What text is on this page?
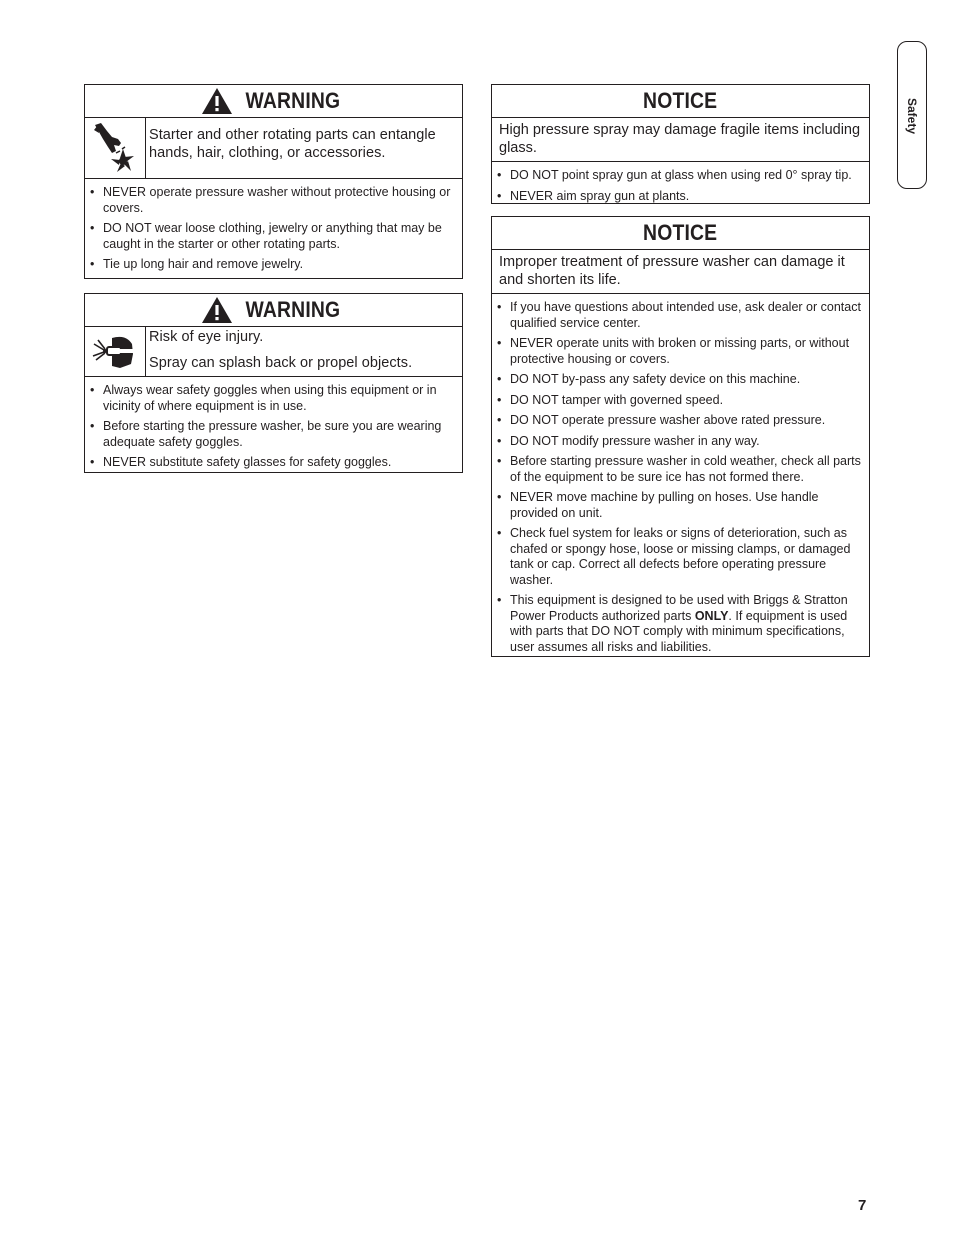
Safety
WARNING

Starter and other rotating parts can entangle hands, hair, clothing, or accessories.

• NEVER operate pressure washer without protective housing or covers.
• DO NOT wear loose clothing, jewelry or anything that may be caught in the starter or other rotating parts.
• Tie up long hair and remove jewelry.
WARNING

Risk of eye injury.

Spray can splash back or propel objects.

• Always wear safety goggles when using this equipment or in vicinity of where equipment is in use.
• Before starting the pressure washer, be sure you are wearing adequate safety goggles.
• NEVER substitute safety glasses for safety goggles.
NOTICE
High pressure spray may damage fragile items including glass.
• DO NOT point spray gun at glass when using red 0° spray tip.
• NEVER aim spray gun at plants.
NOTICE
Improper treatment of pressure washer can damage it and shorten its life.
• If you have questions about intended use, ask dealer or contact qualified service center.
• NEVER operate units with broken or missing parts, or without protective housing or covers.
• DO NOT by-pass any safety device on this machine.
• DO NOT tamper with governed speed.
• DO NOT operate pressure washer above rated pressure.
• DO NOT modify pressure washer in any way.
• Before starting pressure washer in cold weather, check all parts of the equipment to be sure ice has not formed there.
• NEVER move machine by pulling on hoses. Use handle provided on unit.
• Check fuel system for leaks or signs of deterioration, such as chafed or spongy hose, loose or missing clamps, or damaged tank or cap. Correct all defects before operating pressure washer.
• This equipment is designed to be used with Briggs & Stratton Power Products authorized parts ONLY. If equipment is used with parts that DO NOT comply with minimum specifications, user assumes all risks and liabilities.
7
